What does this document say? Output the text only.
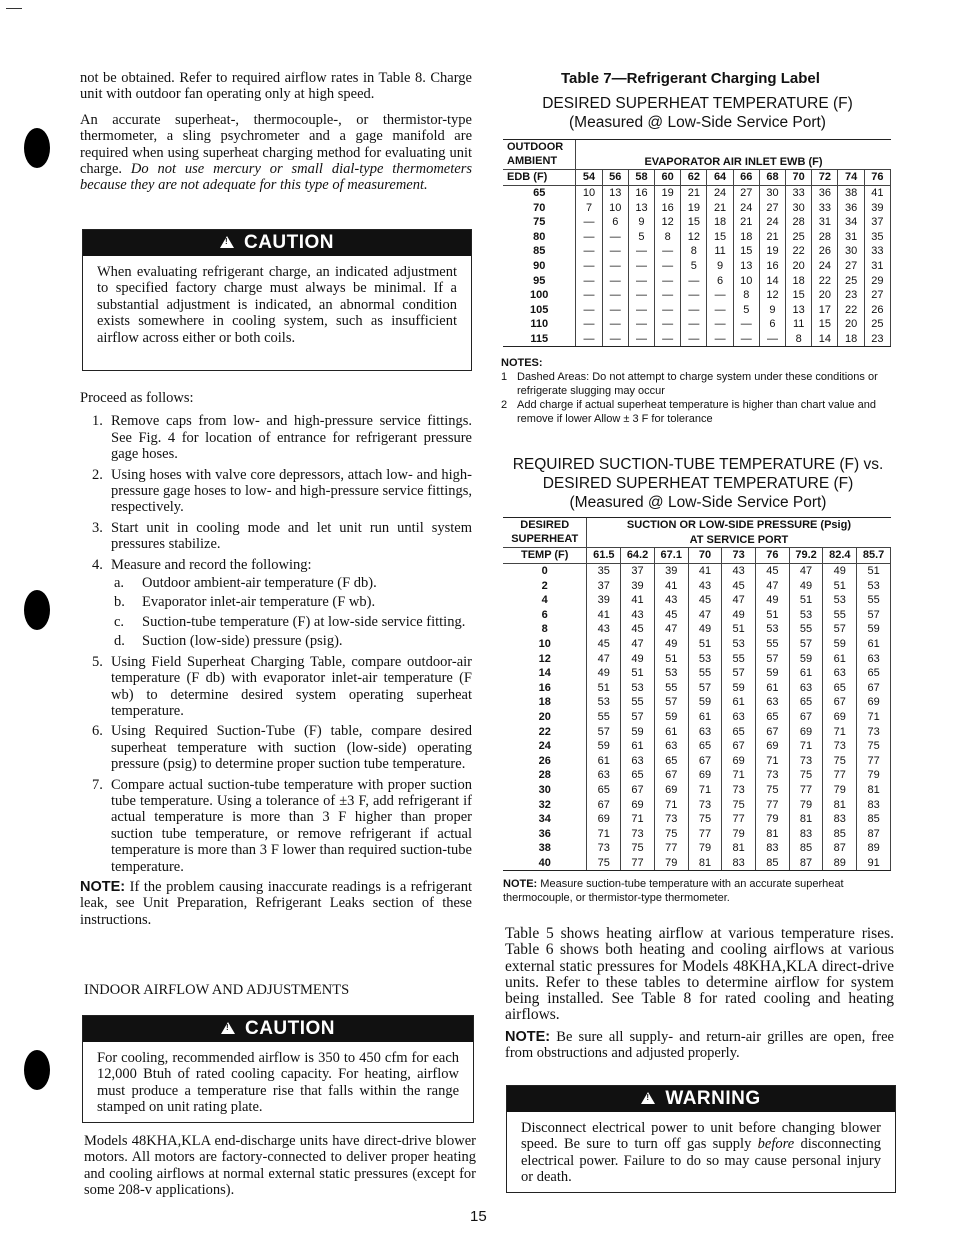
not be obtained. Refer to required airflow rates in Table 8. Charge unit with outdoor fan operating only at high speed.

An accurate superheat-, thermocouple-, or thermistor-type thermometer, a sling psychrometer and a gage manifold are required when using superheat charging method for evaluating unit charge. Do not use mercury or small dial-type thermometers because they are not adequate for this type of measurement.

!CAUTION
When evaluating refrigerant charge, an indicated adjustment to specified factory charge must always be minimal. If a substantial adjustment is indicated, an abnormal condition exists somewhere in cooling system, such as insufficient airflow across either or both coils.

Proceed as follows:

1. Remove caps from low- and high-pressure service fittings. See Fig. 4 for location of entrance for refrigerant pressure gage hoses.
2. Using hoses with valve core depressors, attach low- and high-pressure gage hoses to low- and high-pressure service fittings, respectively.
3. Start unit in cooling mode and let unit run until system pressures stabilize.
4. Measure and record the following:
a. Outdoor ambient-air temperature (F db).
b. Evaporator inlet-air temperature (F wb).
c. Suction-tube temperature (F) at low-side service fitting.
d. Suction (low-side) pressure (psig).
5. Using Field Superheat Charging Table, compare outdoor-air temperature (F db) with evaporator inlet-air temperature (F wb) to determine desired system operating superheat temperature.
6. Using Required Suction-Tube (F) table, compare desired superheat temperature with suction (low-side) operating pressure (psig) to determine proper suction tube temperature.
7. Compare actual suction-tube temperature with proper suction tube temperature. Using a tolerance of ±3 F, add refrigerant if actual temperature is more than 3 F higher than proper suction tube temperature, or remove refrigerant if actual temperature is more than 3 F lower than required suction-tube temperature.

NOTE: If the problem causing inaccurate readings is a refrigerant leak, see Unit Preparation, Refrigerant Leaks section of these instructions.

INDOOR AIRFLOW AND ADJUSTMENTS
!CAUTION
For cooling, recommended airflow is 350 to 450 cfm for each 12,000 Btuh of rated cooling capacity. For heating, airflow must produce a temperature rise that falls within the range stamped on unit rating plate.
Models 48KHA,KLA end-discharge units have direct-drive blower motors. All motors are factory-connected to deliver proper heating and cooling airflows at normal external static pressures (except for some 208-v applications).
Table 7—Refrigerant Charging Label
DESIRED SUPERHEAT TEMPERATURE (F)
(Measured @ Low-Side Service Port)
OUTDOOR	EVAPORATOR AIR INLET EWB (F)											
AMBIENT												
EDB (F)	54	56	58	60	62	64	66	68	70	72	74	76
65	10	13	16	19	21	24	27	30	33	36	38	41
70	7	10	13	16	19	21	24	27	30	33	36	39
75	—	6	9	12	15	18	21	24	28	31	34	37
80	—	—	5	8	12	15	18	21	25	28	31	35
85	—	—	—	—	8	11	15	19	22	26	30	33
90	—	—	—	—	5	9	13	16	20	24	27	31
95	—	—	—	—	—	6	10	14	18	22	25	29
100	—	—	—	—	—	—	8	12	15	20	23	27
105	—	—	—	—	—	—	5	9	13	17	22	26
110	—	—	—	—	—	—	—	6	11	15	20	25
115	—	—	—	—	—	—	—	—	8	14	18	23
NOTES:
1 Dashed Areas: Do not attempt to charge system under these conditions or refrigerate slugging may occur
2 Add charge if actual superheat temperature is higher than chart value and remove if lower Allow ± 3 F for tolerance
REQUIRED SUCTION-TUBE TEMPERATURE (F) vs.
DESIRED SUPERHEAT TEMPERATURE (F)
(Measured @ Low-Side Service Port)
DESIRED	SUCTION OR LOW-SIDE PRESSURE (Psig)								
SUPERHEAT	AT SERVICE PORT								
TEMP (F)	61.5	64.2	67.1	70	73	76	79.2	82.4	85.7
0	35	37	39	41	43	45	47	49	51
2	37	39	41	43	45	47	49	51	53
4	39	41	43	45	47	49	51	53	55
6	41	43	45	47	49	51	53	55	57
8	43	45	47	49	51	53	55	57	59
10	45	47	49	51	53	55	57	59	61
12	47	49	51	53	55	57	59	61	63
14	49	51	53	55	57	59	61	63	65
16	51	53	55	57	59	61	63	65	67
18	53	55	57	59	61	63	65	67	69
20	55	57	59	61	63	65	67	69	71
22	57	59	61	63	65	67	69	71	73
24	59	61	63	65	67	69	71	73	75
26	61	63	65	67	69	71	73	75	77
28	63	65	67	69	71	73	75	77	79
30	65	67	69	71	73	75	77	79	81
32	67	69	71	73	75	77	79	81	83
34	69	71	73	75	77	79	81	83	85
36	71	73	75	77	79	81	83	85	87
38	73	75	77	79	81	83	85	87	89
40	75	77	79	81	83	85	87	89	91
NOTE: Measure suction-tube temperature with an accurate superheat thermocouple, or thermistor-type thermometer.
Table 5 shows heating airflow at various temperature rises. Table 6 shows both heating and cooling airflows at various external static pressures for Models 48KHA,KLA direct-drive units. Refer to these tables to determine airflow for system being installed. See Table 8 for rated cooling and heating airflows.
NOTE: Be sure all supply- and return-air grilles are open, free from obstructions and adjusted properly.
!WARNING
Disconnect electrical power to unit before changing blower speed. Be sure to turn off gas supply before disconnecting electrical power. Failure to do so may cause personal injury or death.
15
